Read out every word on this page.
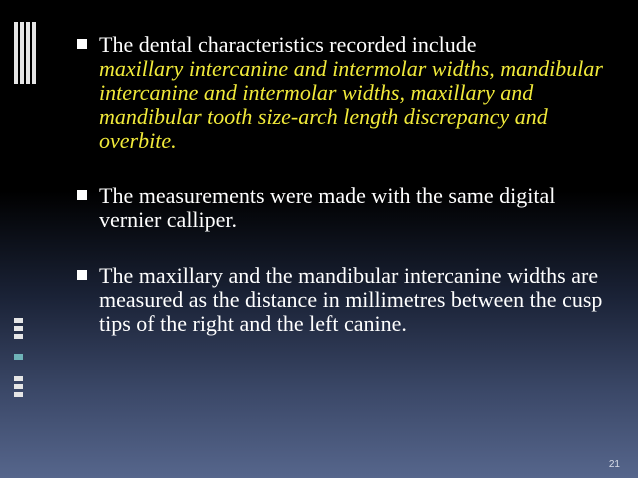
The dental characteristics recorded include
maxillary intercanine and intermolar widths, mandibular intercanine and intermolar widths, maxillary and mandibular tooth size-arch length discrepancy and overbite.
The measurements were made with the same digital vernier calliper.
The maxillary and the mandibular intercanine widths are measured as the distance in millimetres between the cusp tips of the right and the left canine.
21
